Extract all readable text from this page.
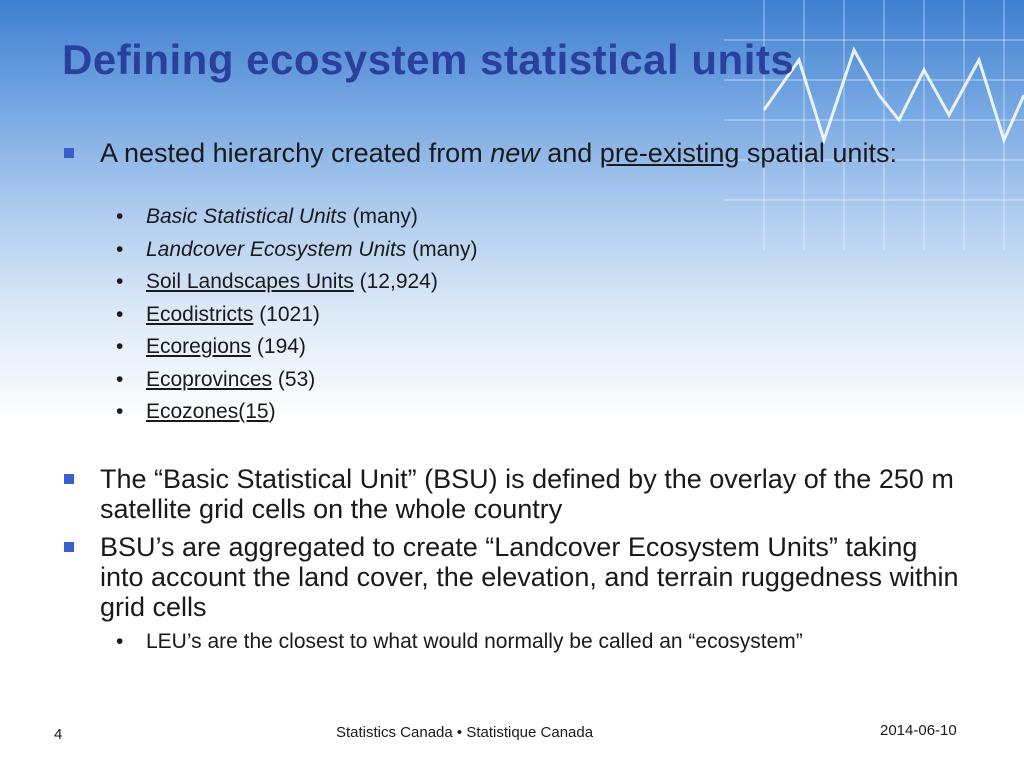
Defining ecosystem statistical units
A nested hierarchy created from new and pre-existing spatial units:
• Basic Statistical Units (many)
• Landcover Ecosystem Units (many)
• Soil Landscapes Units (12,924)
• Ecodistricts (1021)
• Ecoregions (194)
• Ecoprovinces (53)
• Ecozones(15)
The “Basic Statistical Unit” (BSU) is defined by the overlay of the 250 m satellite grid cells on the whole country
BSU’s are aggregated to create “Landcover Ecosystem Units” taking into account the land cover, the elevation, and terrain ruggedness within grid cells
• LEU’s are the closest to what would normally be called an “ecosystem”
4	Statistics Canada • Statistique Canada	2014-06-10
